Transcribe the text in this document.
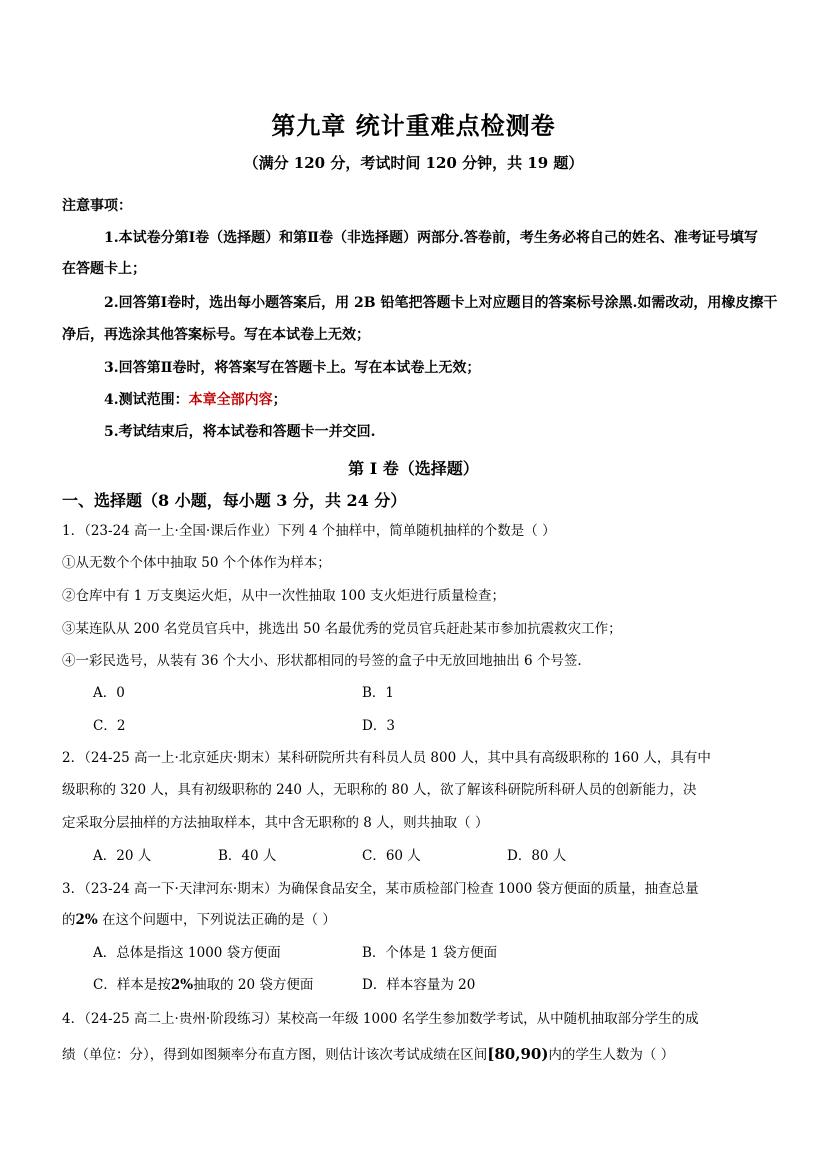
第九章 统计重难点检测卷
（满分 120 分，考试时间 120 分钟，共 19 题）
注意事项：
1.本试卷分第Ⅰ卷（选择题）和第Ⅱ卷（非选择题）两部分.答卷前，考生务必将自己的姓名、准考证号填写
在答题卡上；
2.回答第Ⅰ卷时，选出每小题答案后，用 2B 铅笔把答题卡上对应题目的答案标号涂黑.如需改动，用橡皮擦干
净后，再选涂其他答案标号。写在本试卷上无效；
3.回答第Ⅱ卷时，将答案写在答题卡上。写在本试卷上无效；
4.测试范围：本章全部内容；
5.考试结束后，将本试卷和答题卡一并交回.
第 I 卷（选择题）
一、选择题（8 小题，每小题 3 分，共 24 分）
1．（23-24 高一上·全国·课后作业）下列 4 个抽样中，简单随机抽样的个数是（ ）
①从无数个个体中抽取 50 个个体作为样本；
②仓库中有 1 万支奥运火炬，从中一次性抽取 100 支火炬进行质量检查；
③某连队从 200 名党员官兵中，挑选出 50 名最优秀的党员官兵赶赴某市参加抗震救灾工作；
④一彩民选号，从装有 36 个大小、形状都相同的号签的盒子中无放回地抽出 6 个号签.
A．0	B．1
C．2	D．3
2．（24-25 高一上·北京延庆·期末）某科研院所共有科员人员 800 人，其中具有高级职称的 160 人，具有中
级职称的 320 人，具有初级职称的 240 人，无职称的 80 人，欲了解该科研院所科研人员的创新能力，决
定采取分层抽样的方法抽取样本，其中含无职称的 8 人，则共抽取（ ）
A．20 人	B．40 人	C．60 人	D．80 人
3．（23-24 高一下·天津河东·期末）为确保食品安全，某市质检部门检查 1000 袋方便面的质量，抽查总量
的2% 在这个问题中，下列说法正确的是（ ）
A．总体是指这 1000 袋方便面	B．个体是 1 袋方便面
C．样本是按2%抽取的 20 袋方便面	D．样本容量为 20
4．（24-25 高二上·贵州·阶段练习）某校高一年级 1000 名学生参加数学考试，从中随机抽取部分学生的成
绩（单位：分），得到如图频率分布直方图，则估计该次考试成绩在区间[80,90)内的学生人数为（ ）
